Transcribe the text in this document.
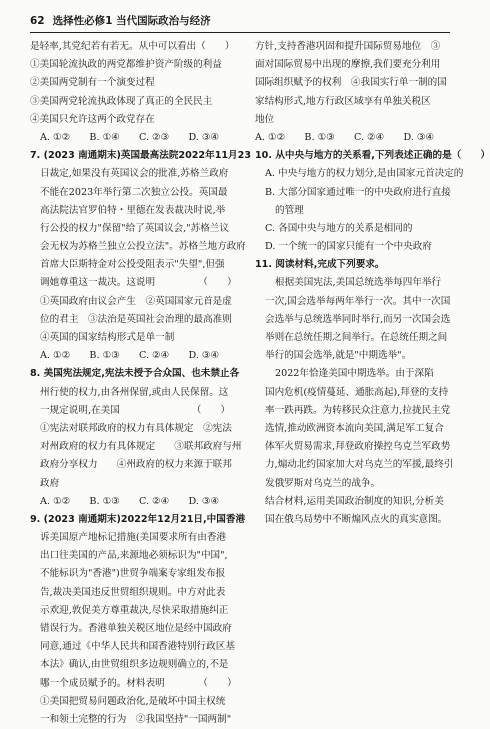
62 选择性必修1 当代国际政治与经济
是轻率,其党纪若有若无。从中可以看出（　　）
①美国轮流执政的两党都维护资产阶级的利益
②美国两党制有一个演变过程
③美国两党轮流执政体现了真正的全民民主
④美国只允许这两个政党存在
A. ①②　　B. ①④　　C. ②③　　D. ③④
7. (2023 南通期末)英国最高法院2022年11月23
日裁定,如果没有英国议会的批准,苏格兰政府
不能在2023年举行第二次独立公投。英国最
高法院法官罗伯特・里德在发表裁决时说,举
行公投的权力"保留"给了英国议会,"苏格兰议
会无权为苏格兰独立公投立法"。苏格兰地方政府
首席大臣斯特金对公投受阻表示"失望",但强
调她尊重这一裁决。这说明　　　　　（　　）
①英国政府由议会产生　②英国国家元首是虚
位的君主　③法治是英国社会治理的最高准则
④英国的国家结构形式是单一制
A. ①②　　B. ①③　　C. ②④　　D. ③④
8. 美国宪法规定,宪法未授予合众国、也未禁止各
州行使的权力,由各州保留,或由人民保留。这
一规定说明,在美国　　　　　　　　（　　）
①宪法对联邦政府的权力有具体规定　②宪法
对州政府的权力有具体规定　　③联邦政府与州
政府分享权力　　④州政府的权力来源于联邦
政府
A. ①②　　B. ①③　　C. ②④　　D. ③④
9. (2023 南通期末)2022年12月21日,中国香港
诉美国原产地标记措施(美国要求所有由香港
出口往美国的产品,来源地必须标识为"中国",
不能标识为"香港")世贸争端案专家组发布报
告,裁决美国违反世贸组织规则。中方对此表
示欢迎,敦促美方尊重裁决,尽快采取措施纠正
错误行为。香港单独关税区地位是经中国政府
同意,通过《中华人民共和国香港特别行政区基
本法》确认,由世贸组织多边规则确立的,不是
哪一个成员赋予的。材料表明　　　　（　　）
①美国把贸易问题政治化,是破坏中国主权统
一和领土完整的行为　②我国坚持"一国两制"
方针,支持香港巩固和提升国际贸易地位　③
面对国际贸易中出现的摩擦,我们要充分利用
国际组织赋予的权利　④我国实行单一制的国
家结构形式,地方行政区域享有单独关税区
地位
A. ①②　　B. ①③　　C. ②④　　D. ③④
10. 从中央与地方的关系看,下列表述正确的是（　　）
A. 中央与地方的权力划分,是由国家元首决定的
B. 大部分国家通过唯一的中央政府进行直接
的管理
C. 各国中央与地方的关系是相同的
D. 一个统一的国家只能有一个中央政府
11. 阅读材料,完成下列要求。
根据美国宪法,美国总统选举每四年举行
一次,国会选举每两年举行一次。其中一次国
会选举与总统选举同时举行,而另一次国会选
举则在总统任期之间举行。在总统任期之间
举行的国会选举,就是"中期选举"。
2022年恰逢美国中期选举。由于深陷
国内危机(疫情蔓延、通胀高起),拜登的支持
率一跌再跌。为转移民众注意力,拉拢民主党
选情,推动欧洲资本流向美国,满足军工复合
体军火贸易需求,拜登政府操控乌克兰军政势
力,煽动北约国家加大对乌克兰的军援,最终引
发俄罗斯对乌克兰的战争。
结合材料,运用美国政治制度的知识,分析美
国在俄乌局势中不断煽风点火的真实意图。
